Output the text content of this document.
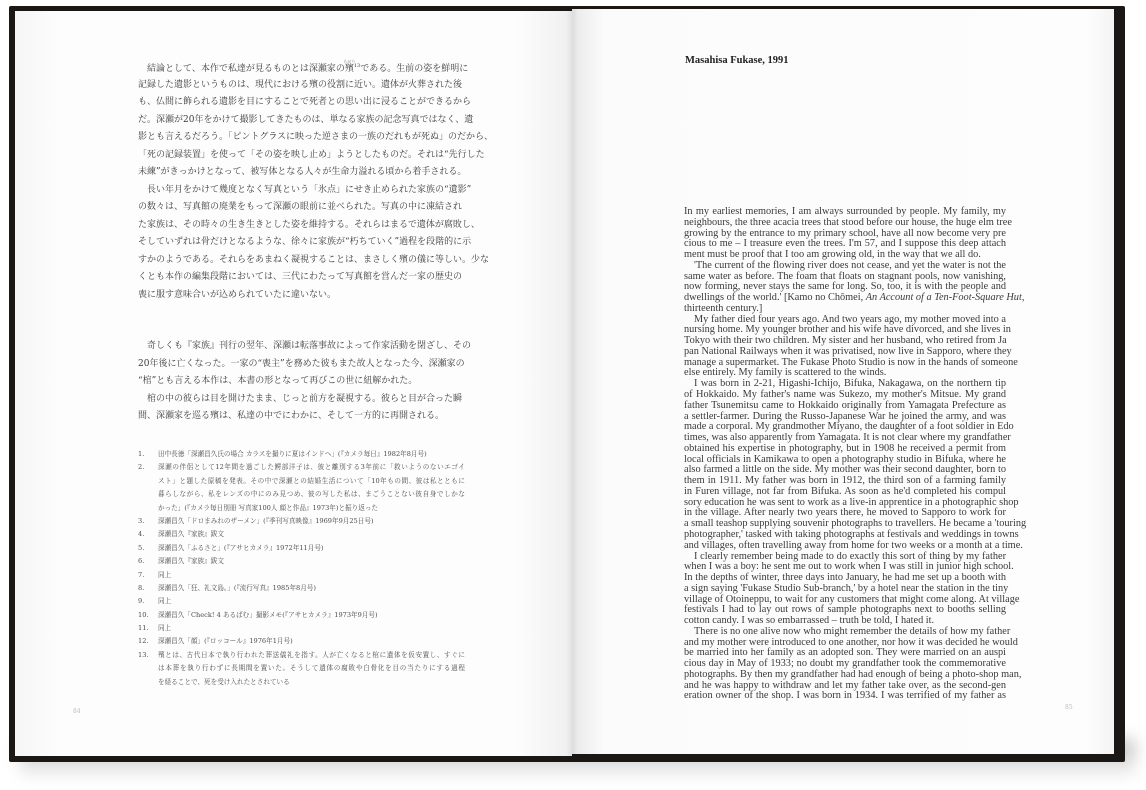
結論として、本作で私達が見るものとは深瀬家の殯もがり$^{13}$である。生前の姿を鮮明に
記録した遺影というものは、現代における殯の役割に近い。遺体が火葬された後
も、仏間に飾られる遺影を目にすることで死者との思い出に浸ることができるから
だ。深瀬が20年をかけて撮影してきたものは、単なる家族の記念写真ではなく、遺
影とも言えるだろう。「ピントグラスに映った逆さまの一族のだれもが死ぬ」のだから、
「死の記録装置」を使って「その姿を映し止め」ようとしたものだ。それは“先行した
未練”がきっかけとなって、被写体となる人々が生命力溢れる頃から着手される。
長い年月をかけて幾度となく写真という「氷点」にせき止められた家族の“遺影”
の数々は、写真館の廃業をもって深瀬の眼前に並べられた。写真の中に凍結され
た家族は、その時々の生き生きとした姿を維持する。それらはまるで遺体が腐敗し、
そしていずれは骨だけとなるような、徐々に家族が“朽ちていく”過程を段階的に示
すかのようである。それらをあまねく凝視することは、まさしく殯の儀に等しい。少な
くとも本作の編集段階においては、三代にわたって写真館を営んだ一家の歴史の
喪に服す意味合いが込められていたに違いない。
奇しくも『家族』刊行の翌年、深瀬は転落事故によって作家活動を閉ざし、その
20年後に亡くなった。一家の“喪主”を務めた彼もまた故人となった今、深瀬家の
“棺”とも言える本作は、本書の形となって再びこの世に紐解かれた。
棺の中の彼らは目を開けたまま、じっと前方を凝視する。彼らと目が合った瞬
間、深瀬家を巡る殯は、私達の中でにわかに、そして一方的に再開される。
1.	田中長徳「深瀬昌久氏の場合 カラスを撮りに夏はインドへ」(『カメラ毎日』1982年8月号)
2.	深瀬の伴侶として12年間を過ごした鰐部洋子は、彼と離別する3年前に「救いようのないエゴイ
スト」と題した原稿を発表。その中で深瀬との結婚生活について「10年もの間、彼は私とともに
暮らしながら、私をレンズの中にのみ見つめ、彼の写した私は、まごうことない彼自身でしかな
かった」(『カメラ毎日別冊 写真家100人 顔と作品』1973年)と振り返った
3.	深瀬昌久「ドロまみれのザーメン」(『季刊写真映像』1969年9月25日号)
4.	深瀬昌久『家族』跋文
5.	深瀬昌久「ふるさと」(『アサヒカメラ』1972年11月号)
6.	深瀬昌久『家族』跋文
7.	同上
8.	深瀬昌久「狂、礼文島。」(『流行写真』1985年8月号)
9.	同上
10.	深瀬昌久「Check! 4 あるばむ」撮影メモ(『アサヒカメラ』1973年9月号)
11.	同上
12.	深瀬昌久「顔」(『ロッコール』1976年1月号)
13.	殯とは、古代日本で執り行われた葬送儀礼を指す。人が亡くなると棺に遺体を仮安置し、すぐに
は本葬を執り行わずに長期間を置いた。そうして遺体の腐敗や白骨化を目の当たりにする過程
を経ることで、死を受け入れたとされている
84
Masahisa Fukase, 1991
In my earliest memories, I am always surrounded by people. My family, my
neighbours, the three acacia trees that stood before our house, the huge elm tree
growing by the entrance to my primary school, have all now become very pre
cious to me – I treasure even the trees. I'm 57, and I suppose this deep attach
ment must be proof that I too am growing old, in the way that we all do.
'The current of the flowing river does not cease, and yet the water is not the
same water as before. The foam that floats on stagnant pools, now vanishing,
now forming, never stays the same for long. So, too, it is with the people and
dwellings of the world.' [Kamo no Chōmei, An Account of a Ten-Foot-Square Hut,
thirteenth century.]
My father died four years ago. And two years ago, my mother moved into a
nursing home. My younger brother and his wife have divorced, and she lives in
Tokyo with their two children. My sister and her husband, who retired from Ja
pan National Railways when it was privatised, now live in Sapporo, where they
manage a supermarket. The Fukase Photo Studio is now in the hands of someone
else entirely. My family is scattered to the winds.
I was born in 2-21, Higashi-Ichijo, Bifuka, Nakagawa, on the northern tip
of Hokkaido. My father's name was Sukezo, my mother's Mitsue. My grand
father Tsunemitsu came to Hokkaido originally from Yamagata Prefecture as
a settler-farmer. During the Russo-Japanese War he joined the army, and was
made a corporal. My grandmother Miyano, the daughter of a foot soldier in Edo
times, was also apparently from Yamagata. It is not clear where my grandfather
obtained his expertise in photography, but in 1908 he received a permit from
local officials in Kamikawa to open a photography studio in Bifuka, where he
also farmed a little on the side. My mother was their second daughter, born to
them in 1911. My father was born in 1912, the third son of a farming family
in Furen village, not far from Bifuka. As soon as he'd completed his compul
sory education he was sent to work as a live-in apprentice in a photographic shop
in the village. After nearly two years there, he moved to Sapporo to work for
a small teashop supplying souvenir photographs to travellers. He became a 'touring
photographer,' tasked with taking photographs at festivals and weddings in towns
and villages, often travelling away from home for two weeks or a month at a time.
I clearly remember being made to do exactly this sort of thing by my father
when I was a boy: he sent me out to work when I was still in junior high school.
In the depths of winter, three days into January, he had me set up a booth with
a sign saying 'Fukase Studio Sub-branch,' by a hotel near the station in the tiny
village of Otoineppu, to wait for any customers that might come along. At village
festivals I had to lay out rows of sample photographs next to booths selling
cotton candy. I was so embarrassed – truth be told, I hated it.
There is no one alive now who might remember the details of how my father
and my mother were introduced to one another, nor how it was decided he would
be married into her family as an adopted son. They were married on an auspi
cious day in May of 1933; no doubt my grandfather took the commemorative
photographs. By then my grandfather had had enough of being a photo-shop man,
and he was happy to withdraw and let my father take over, as the second-gen
eration owner of the shop. I was born in 1934. I was terrified of my father as
85
